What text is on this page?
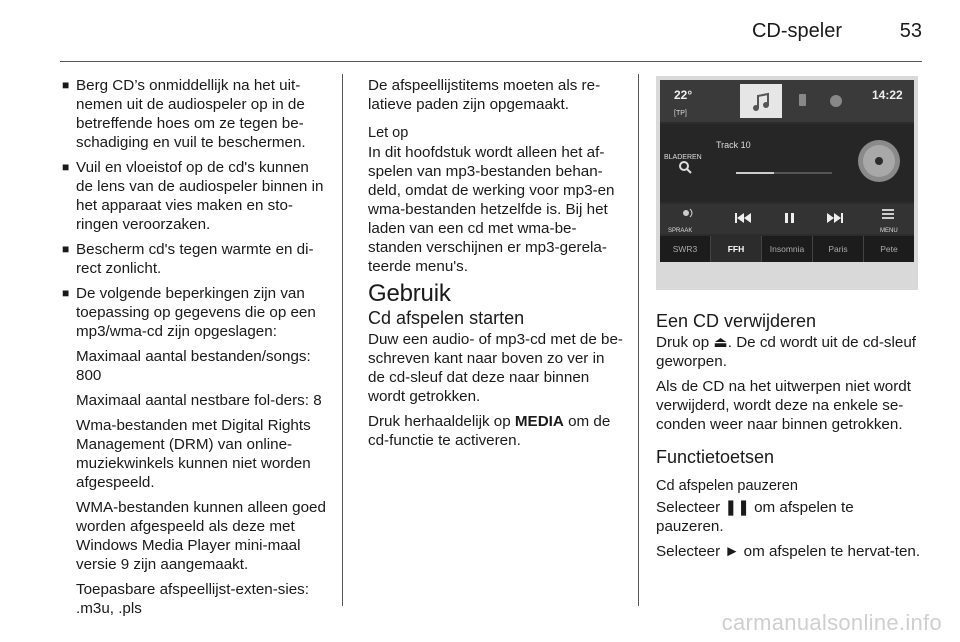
CD-speler	53
■ Berg CD’s onmiddellijk na het uit-nemen uit de audiospeler op in de betreffende hoes om ze tegen be-schadiging en vuil te beschermen.
■ Vuil en vloeistof op de cd's kunnen de lens van de audiospeler binnen in het apparaat vies maken en sto-ringen veroorzaken.
■ Bescherm cd's tegen warmte en di-rect zonlicht.
■ De volgende beperkingen zijn van toepassing op gegevens die op een mp3/wma-cd zijn opgeslagen:
Maximaal aantal bestanden/songs: 800
Maximaal aantal nestbare fol-ders: 8
Wma-bestanden met Digital Rights Management (DRM) van online-muziekwinkels kunnen niet worden afgespeeld.
WMA-bestanden kunnen alleen goed worden afgespeeld als deze met Windows Media Player mini-maal versie 9 zijn aangemaakt.
Toepasbare afspeellijst-exten-sies: .m3u, .pls

De afspeellijstitems moeten als re-latieve paden zijn opgemaakt.

Let op

In dit hoofdstuk wordt alleen het af-spelen van mp3-bestanden behan-deld, omdat de werking voor mp3-en wma-bestanden hetzelfde is. Bij het laden van een cd met wma-be-standen verschijnen er mp3-gerela-teerde menu's.

Gebruik
Cd afspelen starten

Duw een audio- of mp3-cd met de be-schreven kant naar boven zo ver in de cd-sleuf dat deze naar binnen wordt getrokken.

Druk herhaaldelijk op MEDIA om de cd-functie te activeren.

22°
[TP]
14:22
BLADEREN
Track 10
SPRAAK	MENU
SWR3	FFH	Insomnia	Paris	Pete
Een CD verwijderen

Druk op ⏏. De cd wordt uit de cd-sleuf geworpen.

Als de CD na het uitwerpen niet wordt verwijderd, wordt deze na enkele se-conden weer naar binnen getrokken.

Functietoetsen
Cd afspelen pauzeren

Selecteer ❚❚ om afspelen te pauzeren.

Selecteer ► om afspelen te hervat-ten.

carmanualsonline.info
